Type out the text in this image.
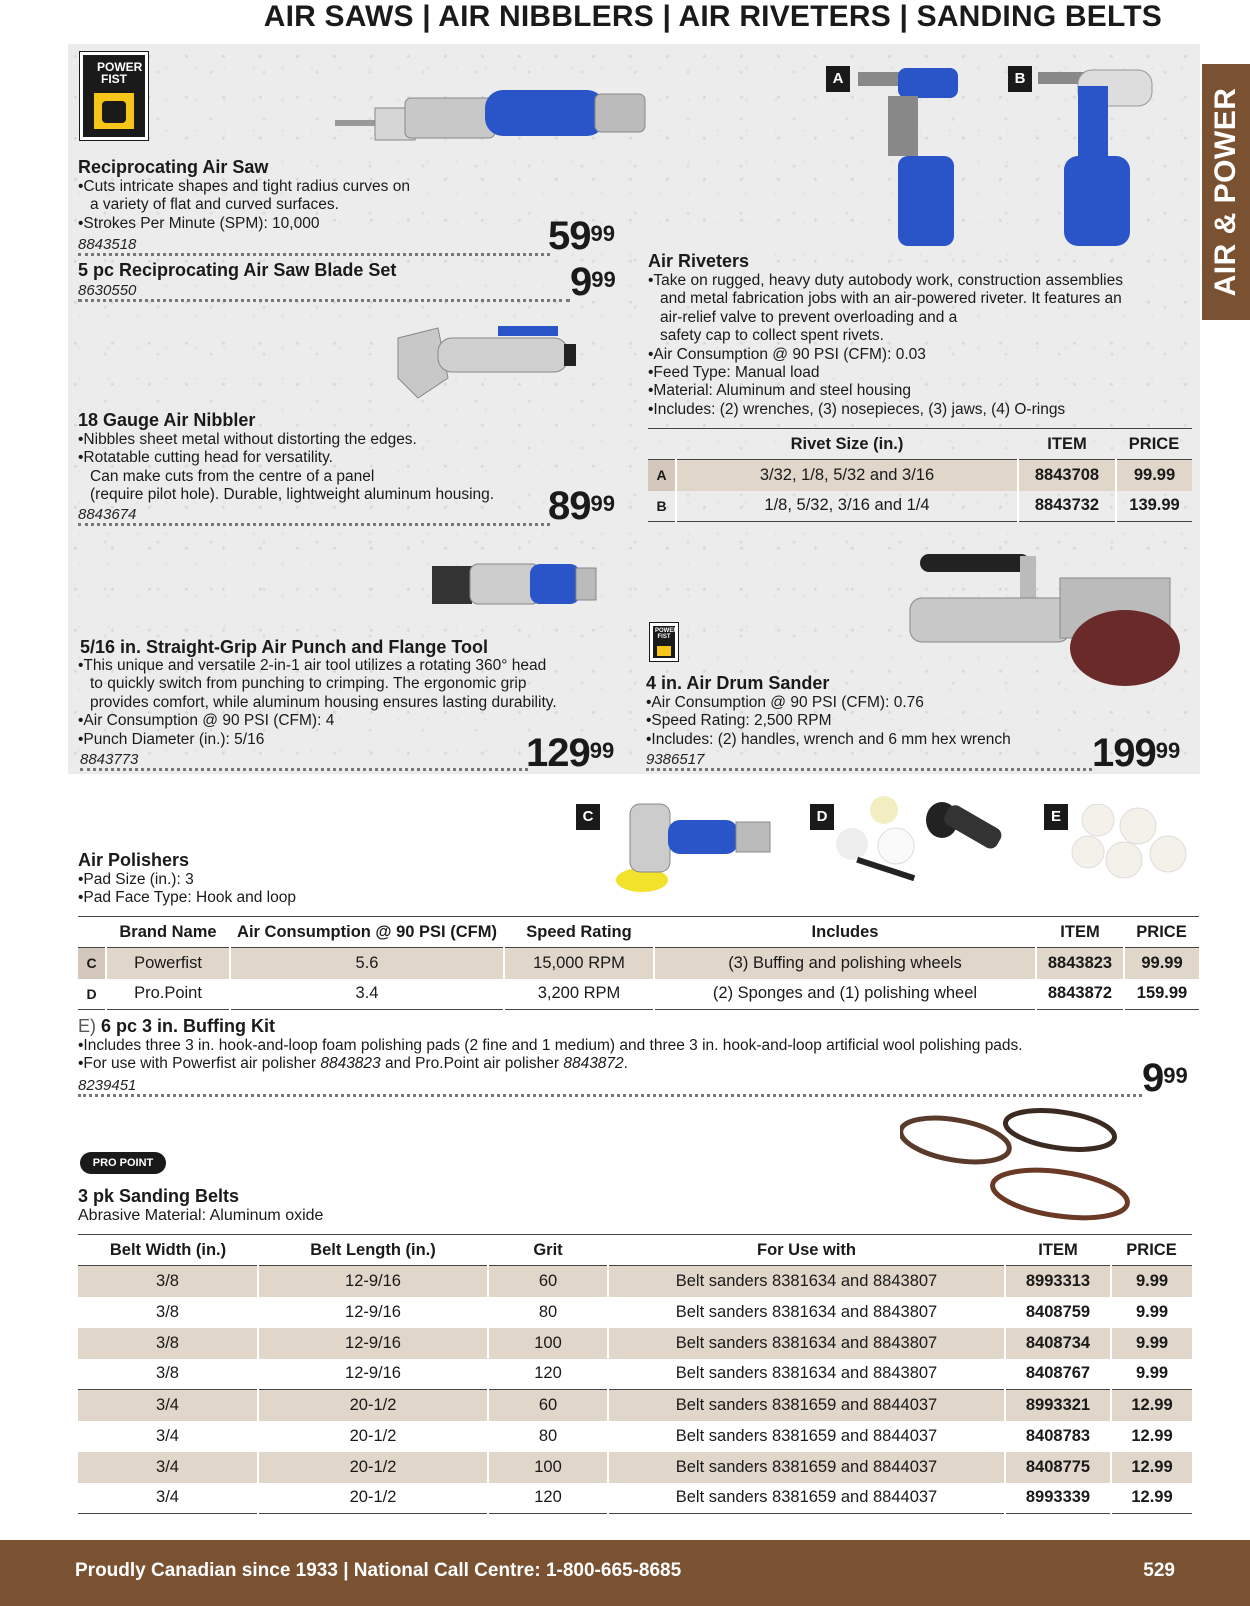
AIR SAWS | AIR NIBBLERS | AIR RIVETERS | SANDING BELTS
AIR & POWER
POWER FIST
Reciprocating Air Saw
•Cuts intricate shapes and tight radius curves on
a variety of flat and curved surfaces.
•Strokes Per Minute (SPM): 10,000
8843518	$59^{99}$
5 pc Reciprocating Air Saw Blade Set
8630550	$9^{99}$
18 Gauge Air Nibbler
•Nibbles sheet metal without distorting the edges.
•Rotatable cutting head for versatility.
Can make cuts from the centre of a panel
(require pilot hole). Durable, lightweight aluminum housing.
8843674	$89^{99}$
5/16 in. Straight-Grip Air Punch and Flange Tool
•This unique and versatile 2-in-1 air tool utilizes a rotating 360° head
to quickly switch from punching to crimping. The ergonomic grip
provides comfort, while aluminum housing ensures lasting durability.
•Air Consumption @ 90 PSI (CFM): 4
•Punch Diameter (in.): 5/16
8843773	$129^{99}$
A	B
Air Riveters
•Take on rugged, heavy duty autobody work, construction assemblies
and metal fabrication jobs with an air-powered riveter. It features an
air-relief valve to prevent overloading and a
safety cap to collect spent rivets.
•Air Consumption @ 90 PSI (CFM): 0.03
•Feed Type: Manual load
•Material: Aluminum and steel housing
•Includes: (2) wrenches, (3) nosepieces, (3) jaws, (4) O-rings
	Rivet Size (in.)	ITEM	PRICE
A	3/32, 1/8, 5/32 and 3/16	8843708	99.99
B	1/8, 5/32, 3/16 and 1/4	8843732	139.99
POWER FIST
4 in. Air Drum Sander
•Air Consumption @ 90 PSI (CFM): 0.76
•Speed Rating: 2,500 RPM
•Includes: (2) handles, wrench and 6 mm hex wrench
9386517	$199^{99}$
C	D	E
Air Polishers
•Pad Size (in.): 3
•Pad Face Type: Hook and loop
	Brand Name	Air Consumption @ 90 PSI (CFM)	Speed Rating	Includes	ITEM	PRICE
C	Powerfist	5.6	15,000 RPM	(3) Buffing and polishing wheels	8843823	99.99
D	Pro.Point	3.4	3,200 RPM	(2) Sponges and (1) polishing wheel	8843872	159.99
E) 6 pc 3 in. Buffing Kit
•Includes three 3 in. hook-and-loop foam polishing pads (2 fine and 1 medium) and three 3 in. hook-and-loop artificial wool polishing pads.
•For use with Powerfist air polisher 8843823 and Pro.Point air polisher 8843872.
8239451	$9^{99}$
PRO POINT
3 pk Sanding Belts
Abrasive Material: Aluminum oxide
Belt Width (in.)	Belt Length (in.)	Grit	For Use with	ITEM	PRICE
3/8	12-9/16	60	Belt sanders 8381634 and 8843807	8993313	9.99
3/8	12-9/16	80	Belt sanders 8381634 and 8843807	8408759	9.99
3/8	12-9/16	100	Belt sanders 8381634 and 8843807	8408734	9.99
3/8	12-9/16	120	Belt sanders 8381634 and 8843807	8408767	9.99
3/4	20-1/2	60	Belt sanders 8381659 and 8844037	8993321	12.99
3/4	20-1/2	80	Belt sanders 8381659 and 8844037	8408783	12.99
3/4	20-1/2	100	Belt sanders 8381659 and 8844037	8408775	12.99
3/4	20-1/2	120	Belt sanders 8381659 and 8844037	8993339	12.99
Proudly Canadian since 1933 | National Call Centre: 1-800-665-8685	529
